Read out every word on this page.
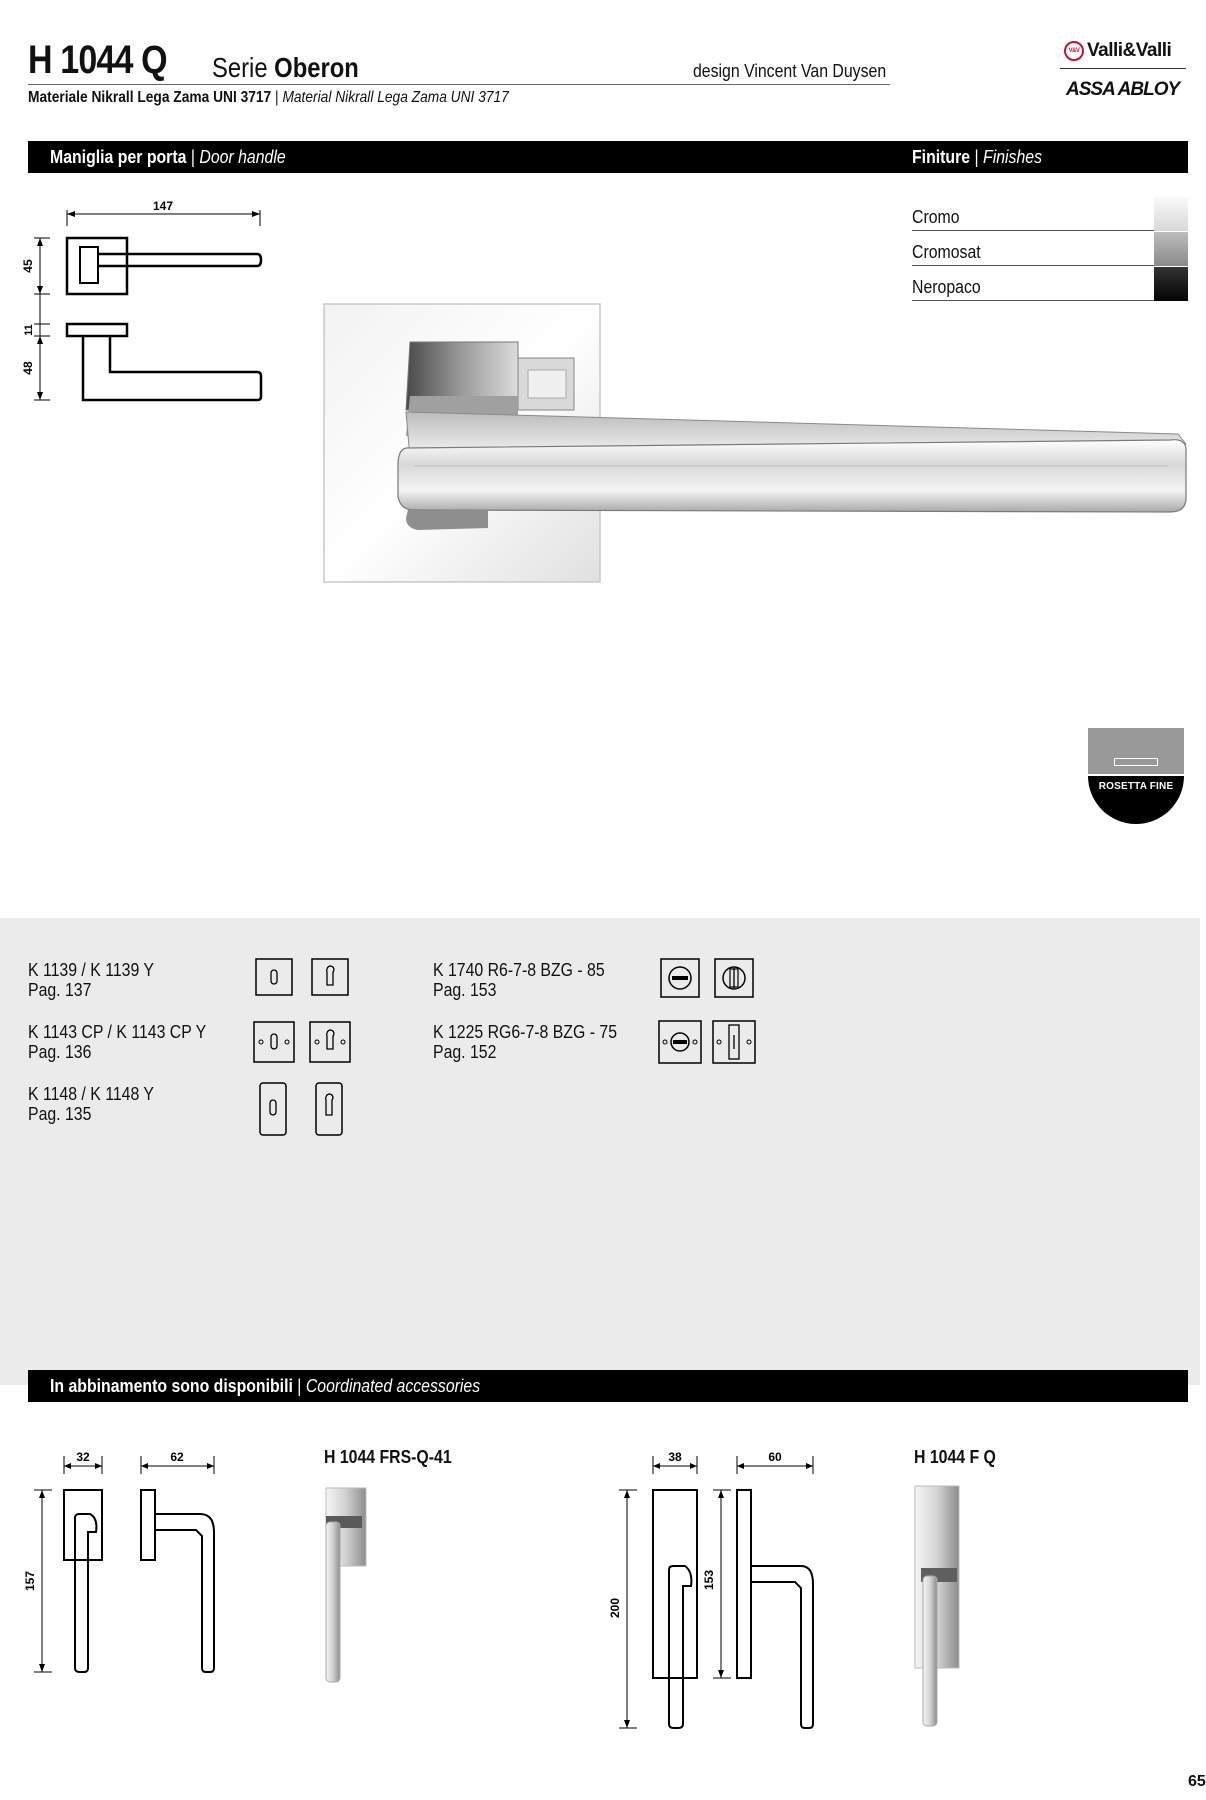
H 1044 Q Serie Oberon	design Vincent Van Duysen
Materiale Nikrall Lega Zama UNI 3717 | Material Nikrall Lega Zama UNI 3717
V&V Valli&Valli
ASSA ABLOY
Maniglia per porta | Door handle	Finiture | Finishes
147
45
11
48
Cromo
Cromosat
Neropaco
ROSETTA FINE
K 1139 / K 1139 Y
Pag. 137
K 1143 CP / K 1143 CP Y
Pag. 136
K 1148 / K 1148 Y
Pag. 135
K 1740 R6-7-8 BZG - 85
Pag. 153
K 1225 RG6-7-8 BZG - 75
Pag. 152
In abbinamento sono disponibili | Coordinated accessories
32	62
157
H 1044 FRS-Q-41	38	60
200
153
H 1044 F Q
65
